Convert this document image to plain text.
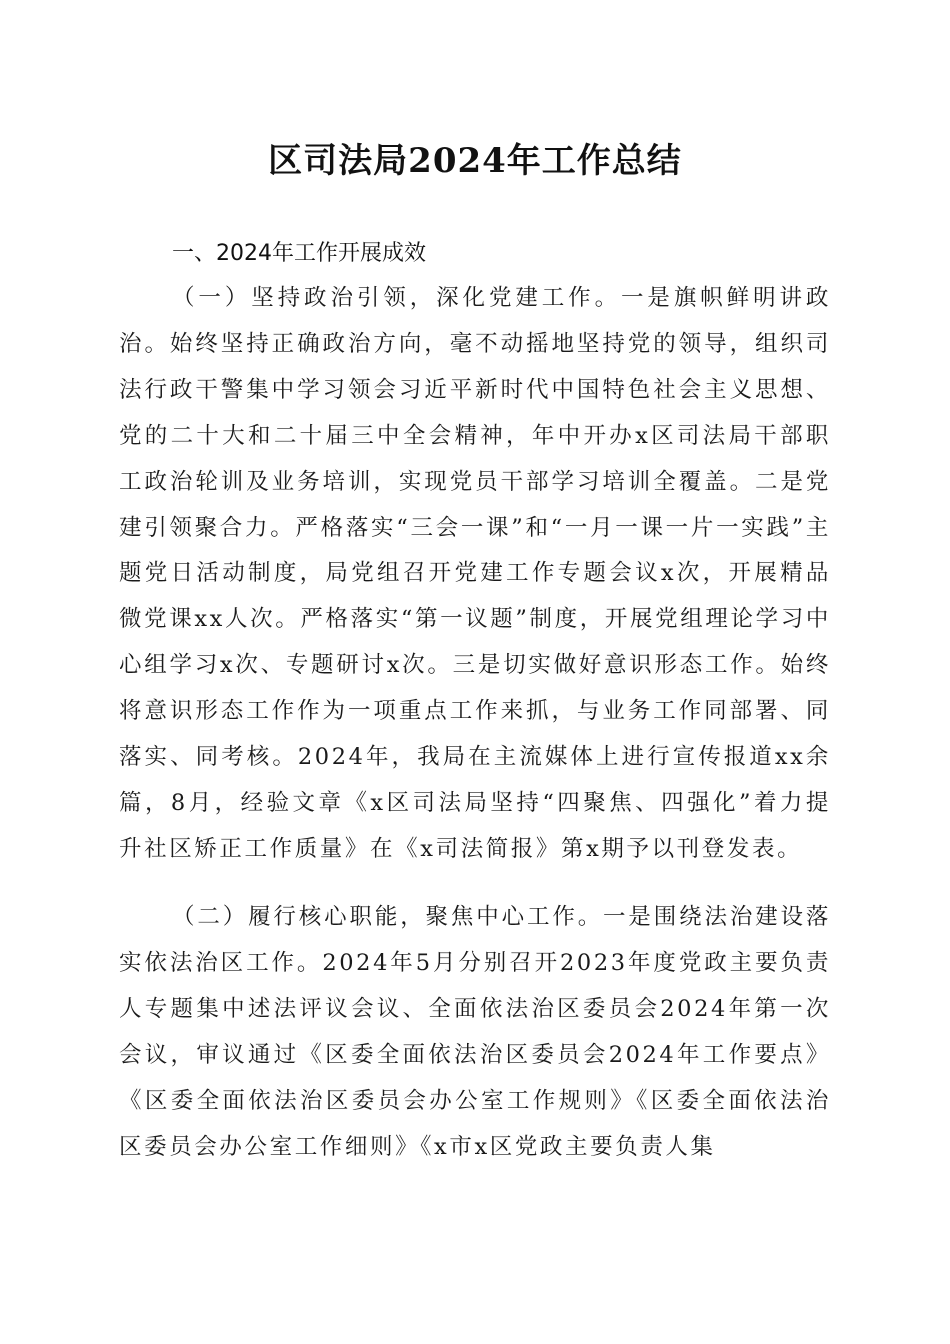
区司法局2024年工作总结
一、2024年工作开展成效
（一）坚持政治引领，深化党建工作。一是旗帜鲜明讲政治。始终坚持正确政治方向，毫不动摇地坚持党的领导，组织司法行政干警集中学习领会习近平新时代中国特色社会主义思想、党的二十大和二十届三中全会精神，年中开办x区司法局干部职工政治轮训及业务培训，实现党员干部学习培训全覆盖。二是党建引领聚合力。严格落实“三会一课”和“一月一课一片一实践”主题党日活动制度，局党组召开党建工作专题会议x次，开展精品微党课xx人次。严格落实“第一议题”制度，开展党组理论学习中心组学习x次、专题研讨x次。三是切实做好意识形态工作。始终将意识形态工作作为一项重点工作来抓，与业务工作同部署、同落实、同考核。2024年，我局在主流媒体上进行宣传报道xx余篇，8月，经验文章《x区司法局坚持“四聚焦、四强化”着力提升社区矫正工作质量》在《x司法简报》第x期予以刊登发表。
（二）履行核心职能，聚焦中心工作。一是围绕法治建设落实依法治区工作。2024年5月分别召开2023年度党政主要负责人专题集中述法评议会议、全面依法治区委员会2024年第一次会议，审议通过《区委全面依法治区委员会2024年工作要点》《区委全面依法治区委员会办公室工作规则》《区委全面依法治区委员会办公室工作细则》《x市x区党政主要负责人集
